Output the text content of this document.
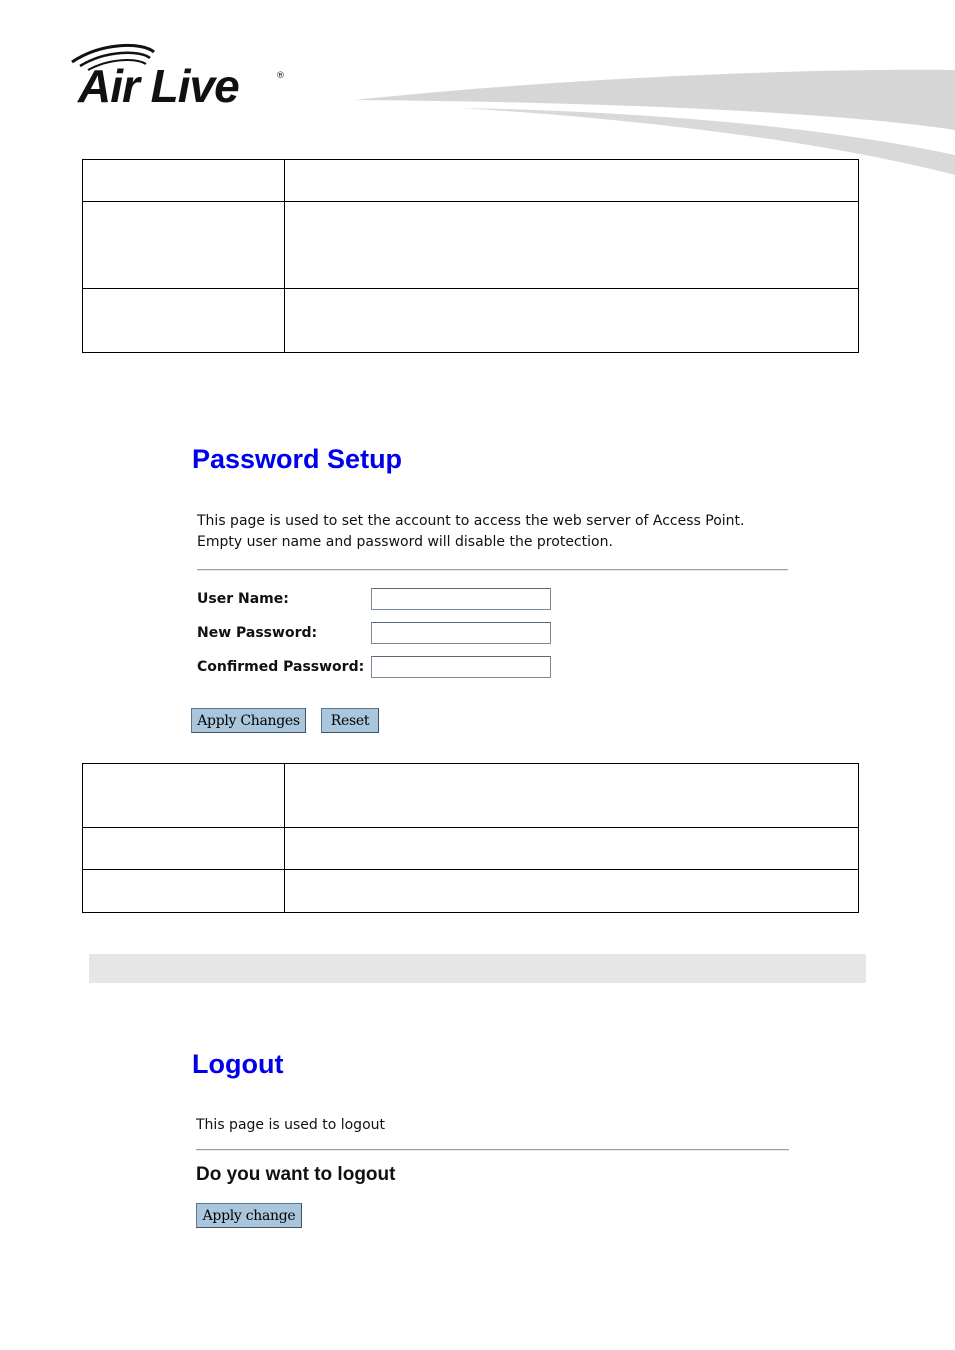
Air Live	®

Password Setup

This page is used to set the account to access the web server of Access Point.

Empty user name and password will disable the protection.

User Name:
New Password:
Confirmed Password:
Apply Changes	Reset

Logout

This page is used to logout

Do you want to logout

Apply change
